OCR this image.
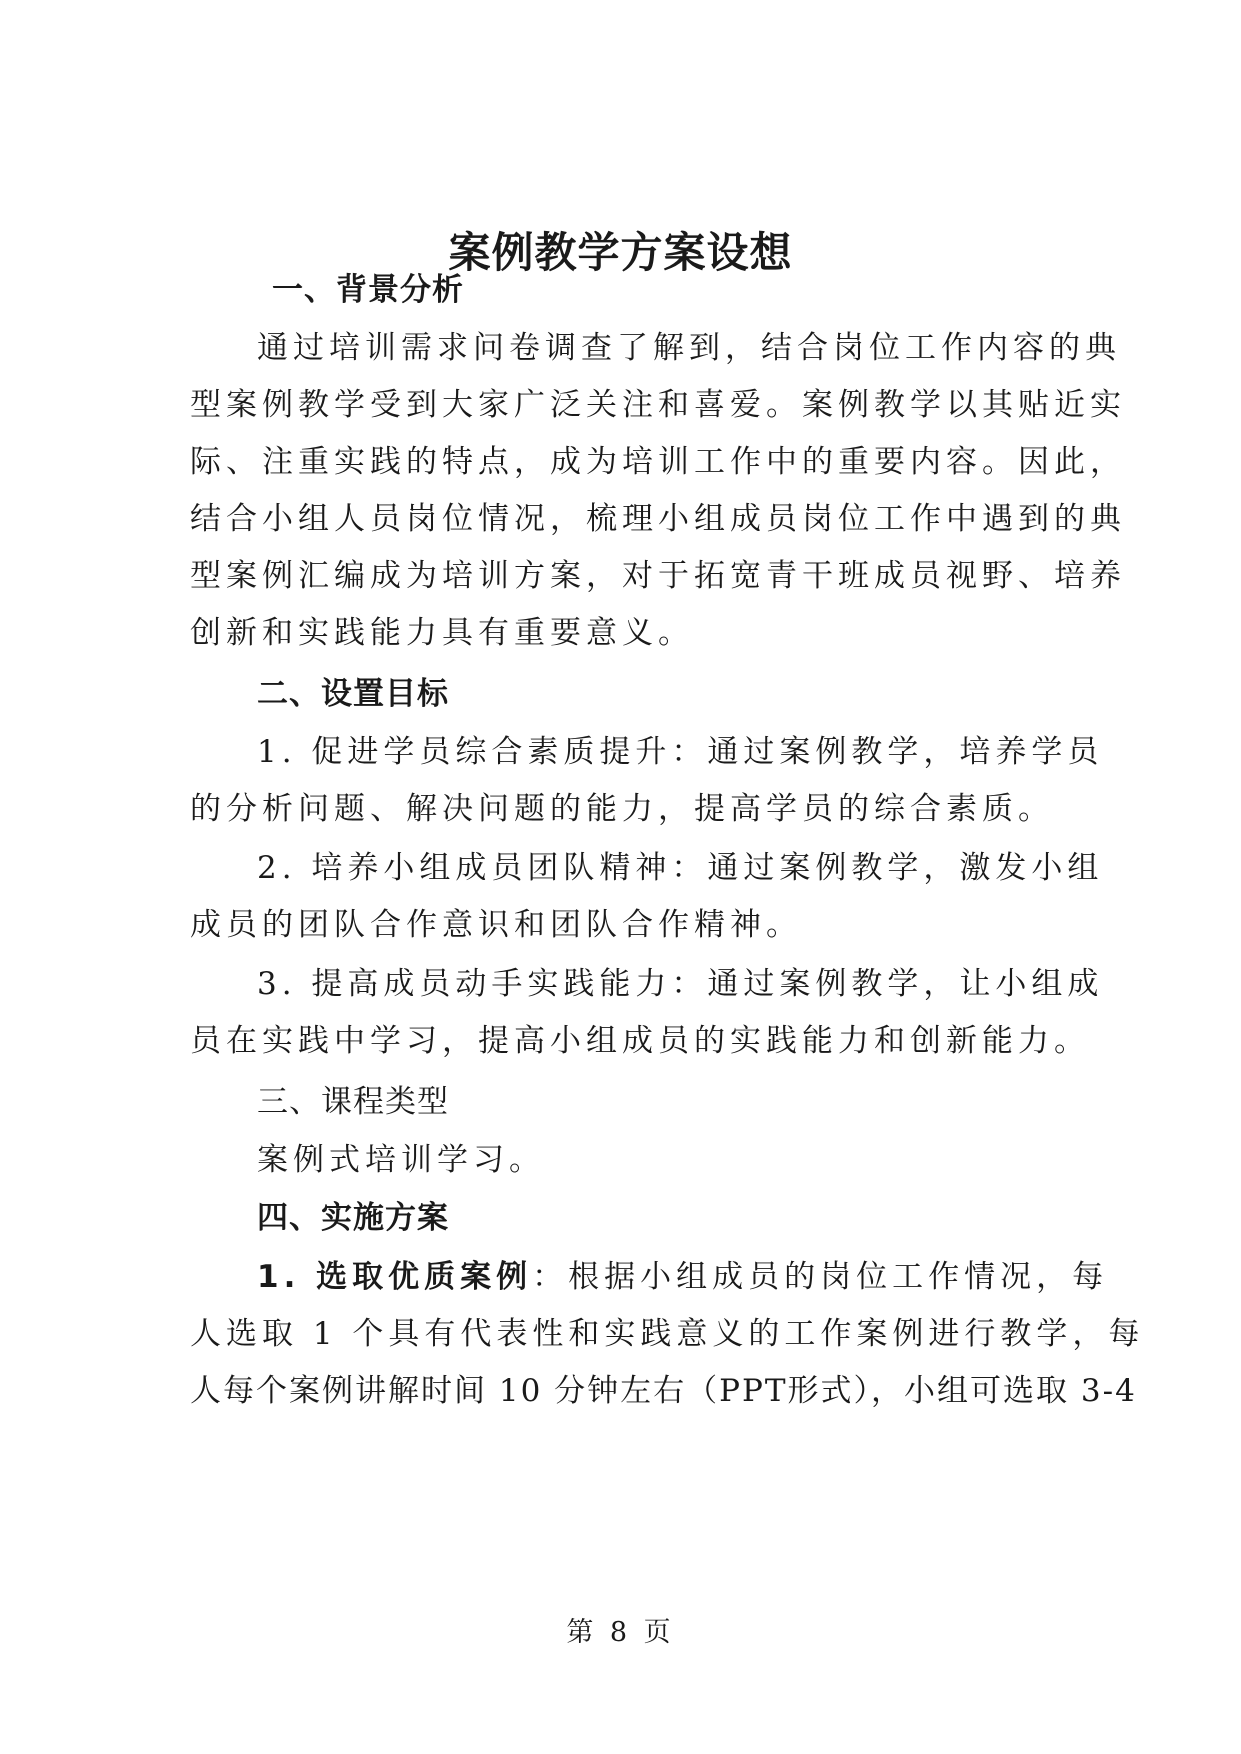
案例教学方案设想
一、背景分析

通过培训需求问卷调查了解到，结合岗位工作内容的典

型案例教学受到大家广泛关注和喜爱。案例教学以其贴近实

际、注重实践的特点，成为培训工作中的重要内容。因此，

结合小组人员岗位情况，梳理小组成员岗位工作中遇到的典

型案例汇编成为培训方案，对于拓宽青干班成员视野、培养

创新和实践能力具有重要意义。

二、设置目标

1. 促进学员综合素质提升：通过案例教学，培养学员

的分析问题、解决问题的能力，提高学员的综合素质。

2. 培养小组成员团队精神：通过案例教学，激发小组

成员的团队合作意识和团队合作精神。

3. 提高成员动手实践能力：通过案例教学，让小组成

员在实践中学习，提高小组成员的实践能力和创新能力。

三、课程类型

案例式培训学习。

四、实施方案

1. 选取优质案例：根据小组成员的岗位工作情况，每

人选取 1 个具有代表性和实践意义的工作案例进行教学，每

人每个案例讲解时间 10 分钟左右（PPT形式），小组可选取 3-4

第 8 页
